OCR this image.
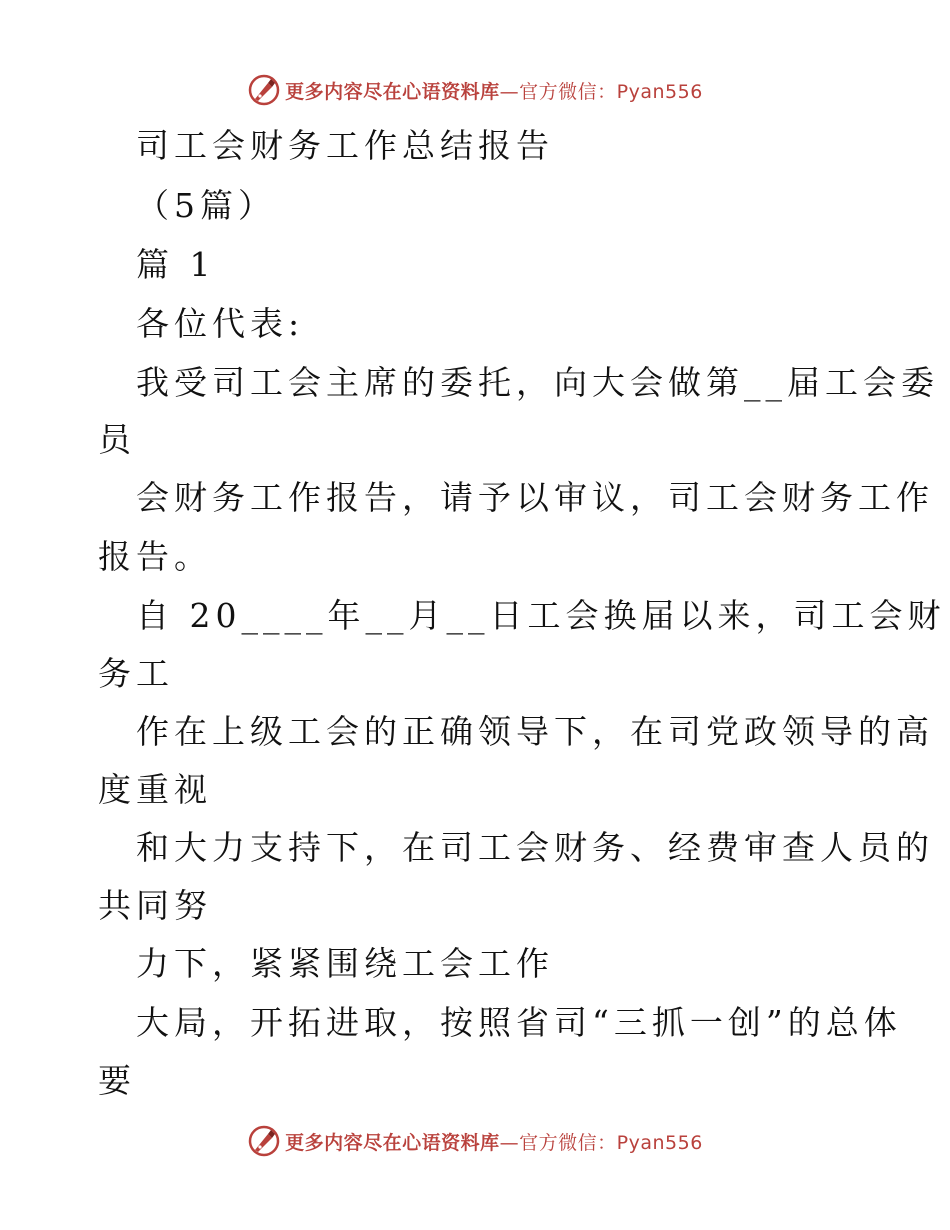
更多内容尽在心语资料库—官方微信：Pyan556
司工会财务工作总结报告
（5篇）
篇 1
各位代表:
我受司工会主席的委托，向大会做第__届工会委
员
会财务工作报告，请予以审议，司工会财务工作
报告。
自 20____年__月__日工会换届以来，司工会财
务工
作在上级工会的正确领导下，在司党政领导的高
度重视
和大力支持下，在司工会财务、经费审查人员的
共同努
力下，紧紧围绕工会工作
大局，开拓进取，按照省司“三抓一创”的总体
要
更多内容尽在心语资料库—官方微信：Pyan556
